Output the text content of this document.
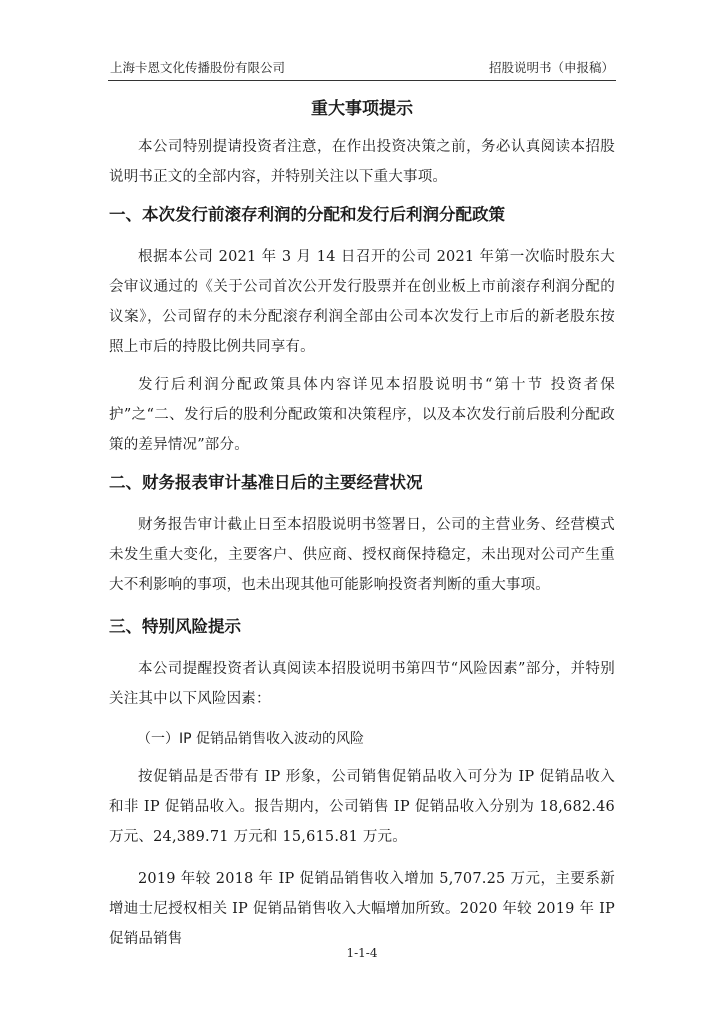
上海卡恩文化传播股份有限公司	招股说明书（申报稿）
重大事项提示

本公司特别提请投资者注意，在作出投资决策之前，务必认真阅读本招股说明书正文的全部内容，并特别关注以下重大事项。

一、本次发行前滚存利润的分配和发行后利润分配政策

根据本公司 2021 年 3 月 14 日召开的公司 2021 年第一次临时股东大会审议通过的《关于公司首次公开发行股票并在创业板上市前滚存利润分配的议案》，公司留存的未分配滚存利润全部由公司本次发行上市后的新老股东按照上市后的持股比例共同享有。

发行后利润分配政策具体内容详见本招股说明书“第十节 投资者保护”之“二、发行后的股利分配政策和决策程序，以及本次发行前后股利分配政策的差异情况”部分。

二、财务报表审计基准日后的主要经营状况

财务报告审计截止日至本招股说明书签署日，公司的主营业务、经营模式未发生重大变化，主要客户、供应商、授权商保持稳定，未出现对公司产生重大不利影响的事项，也未出现其他可能影响投资者判断的重大事项。

三、特别风险提示

本公司提醒投资者认真阅读本招股说明书第四节“风险因素”部分，并特别关注其中以下风险因素：

（一）IP 促销品销售收入波动的风险

按促销品是否带有 IP 形象，公司销售促销品收入可分为 IP 促销品收入和非 IP 促销品收入。报告期内，公司销售 IP 促销品收入分别为 18,682.46 万元、24,389.71 万元和 15,615.81 万元。

2019 年较 2018 年 IP 促销品销售收入增加 5,707.25 万元，主要系新增迪士尼授权相关 IP 促销品销售收入大幅增加所致。2020 年较 2019 年 IP 促销品销售

1-1-4
